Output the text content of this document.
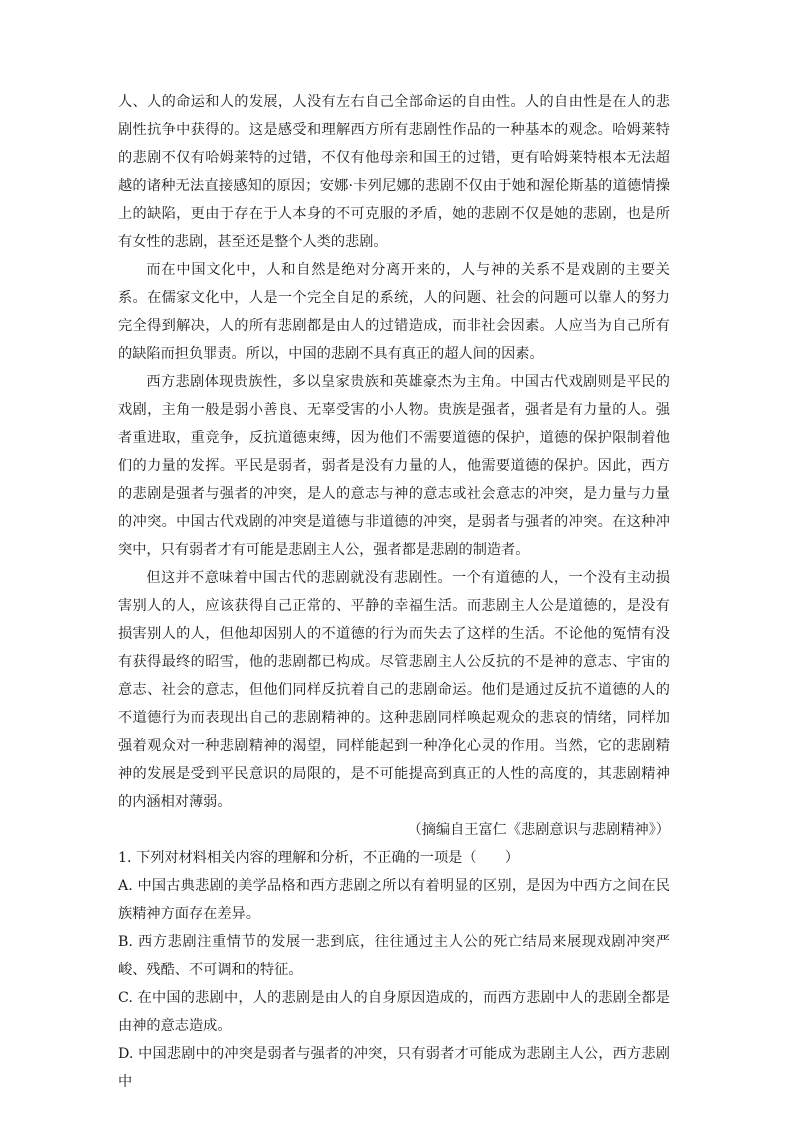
人、人的命运和人的发展，人没有左右自己全部命运的自由性。人的自由性是在人的悲剧性抗争中获得的。这是感受和理解西方所有悲剧性作品的一种基本的观念。哈姆莱特的悲剧不仅有哈姆莱特的过错，不仅有他母亲和国王的过错，更有哈姆莱特根本无法超越的诸种无法直接感知的原因；安娜·卡列尼娜的悲剧不仅由于她和渥伦斯基的道德情操上的缺陷，更由于存在于人本身的不可克服的矛盾，她的悲剧不仅是她的悲剧，也是所有女性的悲剧，甚至还是整个人类的悲剧。

而在中国文化中，人和自然是绝对分离开来的，人与神的关系不是戏剧的主要关系。在儒家文化中，人是一个完全自足的系统，人的问题、社会的问题可以靠人的努力完全得到解决，人的所有悲剧都是由人的过错造成，而非社会因素。人应当为自己所有的缺陷而担负罪责。所以，中国的悲剧不具有真正的超人间的因素。

西方悲剧体现贵族性，多以皇家贵族和英雄豪杰为主角。中国古代戏剧则是平民的戏剧，主角一般是弱小善良、无辜受害的小人物。贵族是强者，强者是有力量的人。强者重进取，重竞争，反抗道德束缚，因为他们不需要道德的保护，道德的保护限制着他们的力量的发挥。平民是弱者，弱者是没有力量的人，他需要道德的保护。因此，西方的悲剧是强者与强者的冲突，是人的意志与神的意志或社会意志的冲突，是力量与力量的冲突。中国古代戏剧的冲突是道德与非道德的冲突，是弱者与强者的冲突。在这种冲突中，只有弱者才有可能是悲剧主人公，强者都是悲剧的制造者。

但这并不意味着中国古代的悲剧就没有悲剧性。一个有道德的人，一个没有主动损害别人的人，应该获得自己正常的、平静的幸福生活。而悲剧主人公是道德的，是没有损害别人的人，但他却因别人的不道德的行为而失去了这样的生活。不论他的冤情有没有获得最终的昭雪，他的悲剧都已构成。尽管悲剧主人公反抗的不是神的意志、宇宙的意志、社会的意志，但他们同样反抗着自己的悲剧命运。他们是通过反抗不道德的人的不道德行为而表现出自己的悲剧精神的。这种悲剧同样唤起观众的悲哀的情绪，同样加强着观众对一种悲剧精神的渴望，同样能起到一种净化心灵的作用。当然，它的悲剧精神的发展是受到平民意识的局限的，是不可能提高到真正的人性的高度的，其悲剧精神的内涵相对薄弱。

（摘编自王富仁《悲剧意识与悲剧精神》）

1. 下列对材料相关内容的理解和分析，不正确的一项是（　　）

A. 中国古典悲剧的美学品格和西方悲剧之所以有着明显的区别，是因为中西方之间在民族精神方面存在差异。

B. 西方悲剧注重情节的发展一悲到底，往往通过主人公的死亡结局来展现戏剧冲突严峻、残酷、不可调和的特征。

C. 在中国的悲剧中，人的悲剧是由人的自身原因造成的，而西方悲剧中人的悲剧全都是由神的意志造成。

D. 中国悲剧中的冲突是弱者与强者的冲突，只有弱者才可能成为悲剧主人公，西方悲剧中
